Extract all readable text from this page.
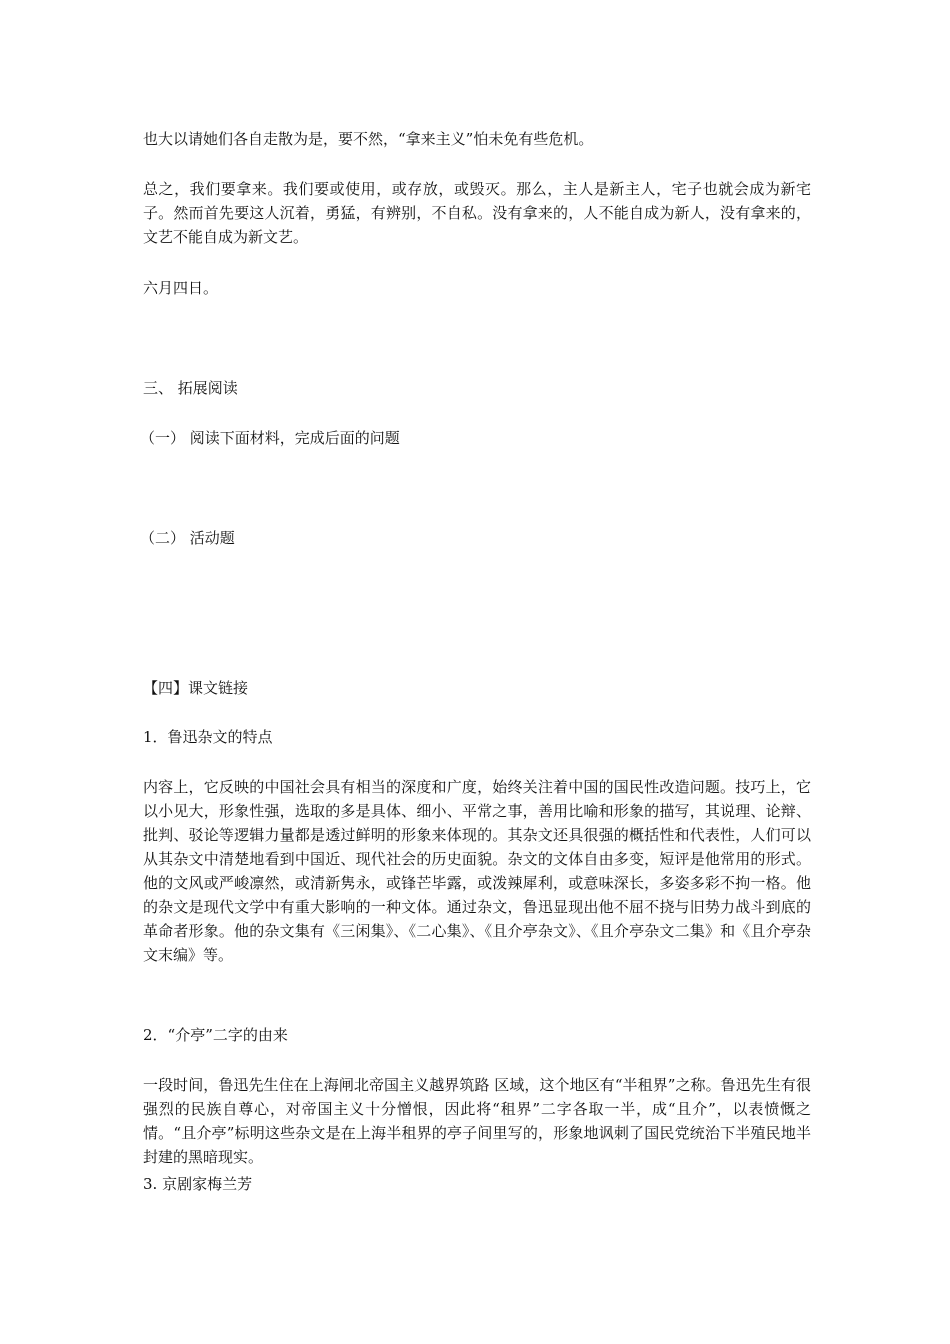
也大以请她们各自走散为是，要不然，“拿来主义”怕未免有些危机。

总之，我们要拿来。我们要或使用，或存放，或毁灭。那么，主人是新主人，宅子也就会成为新宅子。然而首先要这人沉着，勇猛，有辨别，不自私。没有拿来的，人不能自成为新人，没有拿来的，文艺不能自成为新文艺。

六月四日。

三、 拓展阅读

（一） 阅读下面材料，完成后面的问题

（二） 活动题

【四】课文链接

1．鲁迅杂文的特点

内容上，它反映的中国社会具有相当的深度和广度，始终关注着中国的国民性改造问题。技巧上，它以小见大，形象性强，选取的多是具体、细小、平常之事，善用比喻和形象的描写，其说理、论辩、批判、驳论等逻辑力量都是透过鲜明的形象来体现的。其杂文还具很强的概括性和代表性，人们可以从其杂文中清楚地看到中国近、现代社会的历史面貌。杂文的文体自由多变，短评是他常用的形式。他的文风或严峻凛然，或清新隽永，或锋芒毕露，或泼辣犀利，或意味深长，多姿多彩不拘一格。他的杂文是现代文学中有重大影响的一种文体。通过杂文，鲁迅显现出他不屈不挠与旧势力战斗到底的革命者形象。他的杂文集有《三闲集》、《二心集》、《且介亭杂文》、《且介亭杂文二集》和《且介亭杂文末编》等。

2．“介亭”二字的由来

一段时间，鲁迅先生住在上海闸北帝国主义越界筑路 区域，这个地区有“半租界”之称。鲁迅先生有很强烈的民族自尊心，对帝国主义十分憎恨，因此将“租界”二字各取一半，成“且介”，以表愤慨之情。“且介亭”标明这些杂文是在上海半租界的亭子间里写的，形象地讽刺了国民党统治下半殖民地半封建的黑暗现实。

3. 京剧家梅兰芳
